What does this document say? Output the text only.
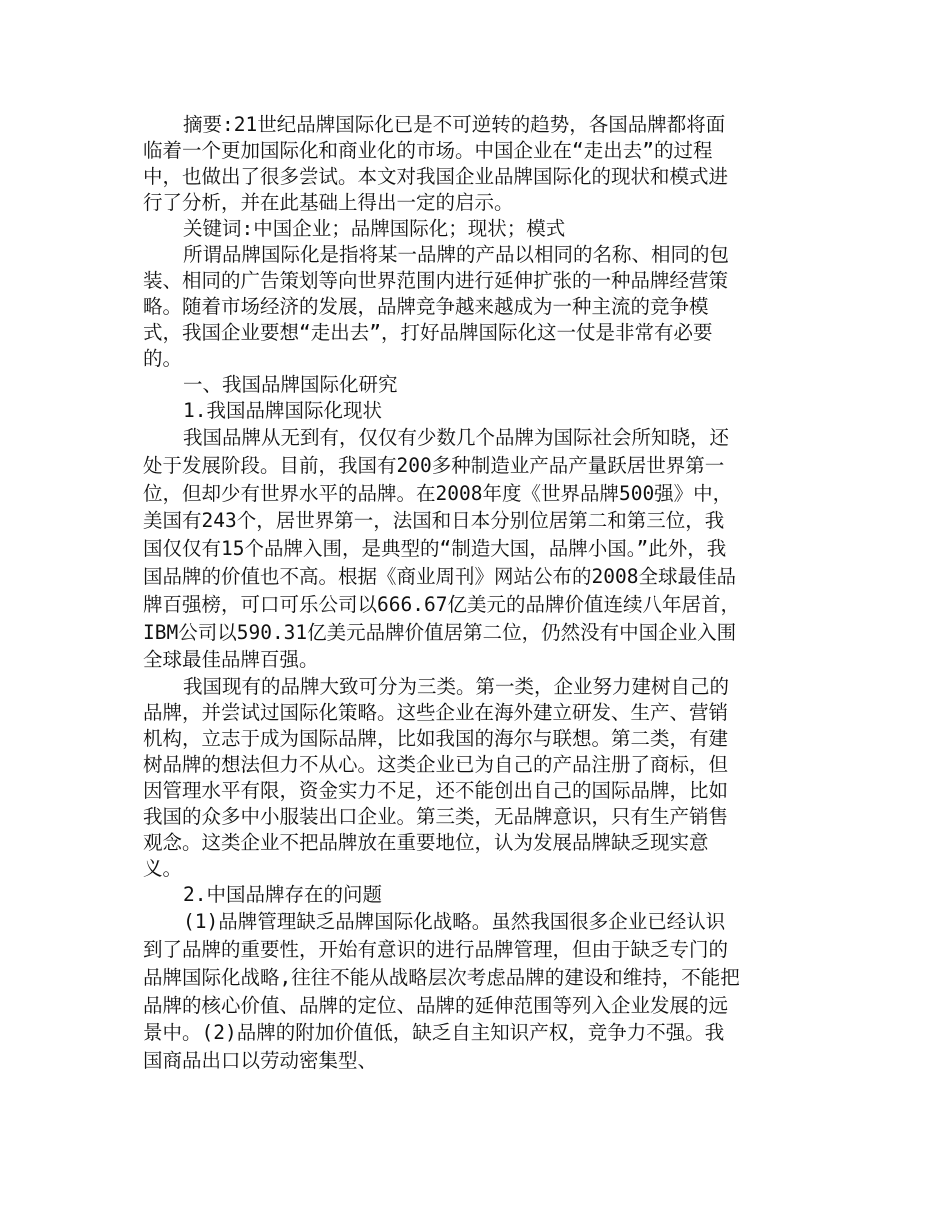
摘要:21世纪品牌国际化已是不可逆转的趋势，各国品牌都将面临着一个更加国际化和商业化的市场。中国企业在“走出去”的过程中，也做出了很多尝试。本文对我国企业品牌国际化的现状和模式进行了分析，并在此基础上得出一定的启示。

关键词:中国企业；品牌国际化；现状；模式

所谓品牌国际化是指将某一品牌的产品以相同的名称、相同的包装、相同的广告策划等向世界范围内进行延伸扩张的一种品牌经营策略。随着市场经济的发展，品牌竞争越来越成为一种主流的竞争模式，我国企业要想“走出去”，打好品牌国际化这一仗是非常有必要的。

一、我国品牌国际化研究

1.我国品牌国际化现状

我国品牌从无到有，仅仅有少数几个品牌为国际社会所知晓，还处于发展阶段。目前，我国有200多种制造业产品产量跃居世界第一位，但却少有世界水平的品牌。在2008年度《世界品牌500强》中，美国有243个，居世界第一，法国和日本分别位居第二和第三位，我国仅仅有15个品牌入围，是典型的“制造大国，品牌小国。”此外，我国品牌的价值也不高。根据《商业周刊》网站公布的2008全球最佳品牌百强榜，可口可乐公司以666.67亿美元的品牌价值连续八年居首，IBM公司以590.31亿美元品牌价值居第二位，仍然没有中国企业入围全球最佳品牌百强。

我国现有的品牌大致可分为三类。第一类，企业努力建树自己的品牌，并尝试过国际化策略。这些企业在海外建立研发、生产、营销机构，立志于成为国际品牌，比如我国的海尔与联想。第二类，有建树品牌的想法但力不从心。这类企业已为自己的产品注册了商标，但因管理水平有限，资金实力不足，还不能创出自己的国际品牌，比如我国的众多中小服装出口企业。第三类，无品牌意识，只有生产销售观念。这类企业不把品牌放在重要地位，认为发展品牌缺乏现实意义。

2.中国品牌存在的问题

(1)品牌管理缺乏品牌国际化战略。虽然我国很多企业已经认识到了品牌的重要性，开始有意识的进行品牌管理，但由于缺乏专门的品牌国际化战略,往往不能从战略层次考虑品牌的建设和维持，不能把品牌的核心价值、品牌的定位、品牌的延伸范围等列入企业发展的远景中。(2)品牌的附加价值低，缺乏自主知识产权，竞争力不强。我国商品出口以劳动密集型、
